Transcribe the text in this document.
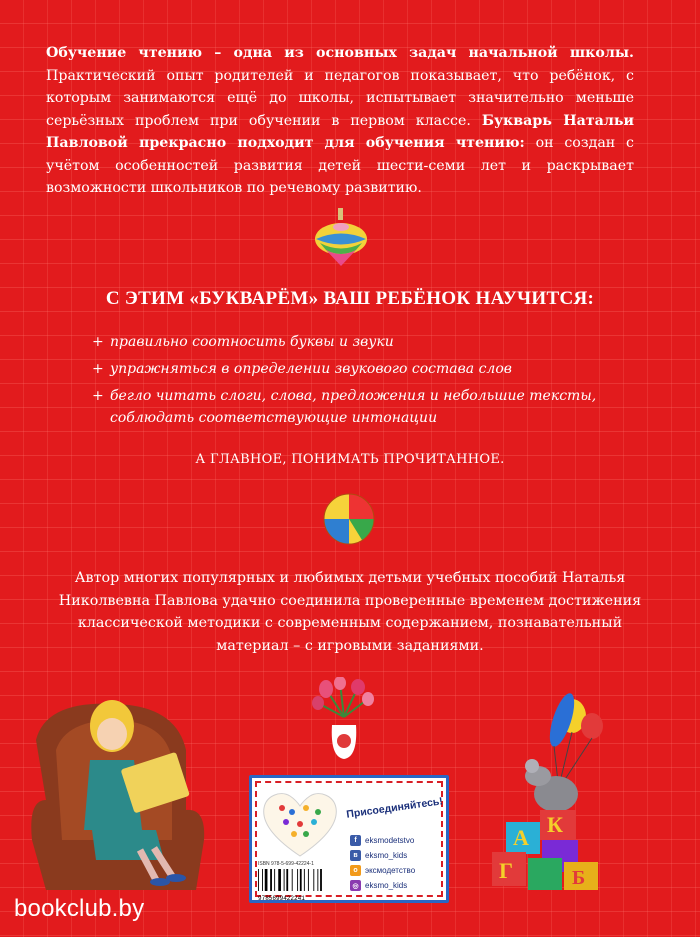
Обучение чтению – одна из основных задач начальной школы. Практический опыт родителей и педагогов показывает, что ребёнок, с которым занимаются ещё до школы, испытывает значительно меньше серьёзных проблем при обучении в первом классе. Букварь Натальи Павловой прекрасно подходит для обучения чтению: он создан с учётом особенностей развития детей шести-семи лет и раскрывает возможности школьников по речевому развитию.
С ЭТИМ «БУКВАРЁМ» ВАШ РЕБЁНОК НАУЧИТСЯ:
+ правильно соотносить буквы и звуки
+ упражняться в определении звукового состава слов
+ бегло читать слоги, слова, предложения и небольшие тексты, соблюдать соответствующие интонации
А ГЛАВНОЕ, ПОНИМАТЬ ПРОЧИТАННОЕ.
Автор многих популярных и любимых детьми учебных пособий Наталья Николвевна Павлова удачно соединила проверенные временем достижения классической методики с современным содержанием, познавательный материал – с игровыми заданиями.
А
К
Г	Б
Присоединяйтесь!
f	eksmodetstvo
в eksmo_kids
о эксмодетство
◎ eksmo_kids
ISBN 978-5-699-42224-1
9785699422241
bookclub.by
